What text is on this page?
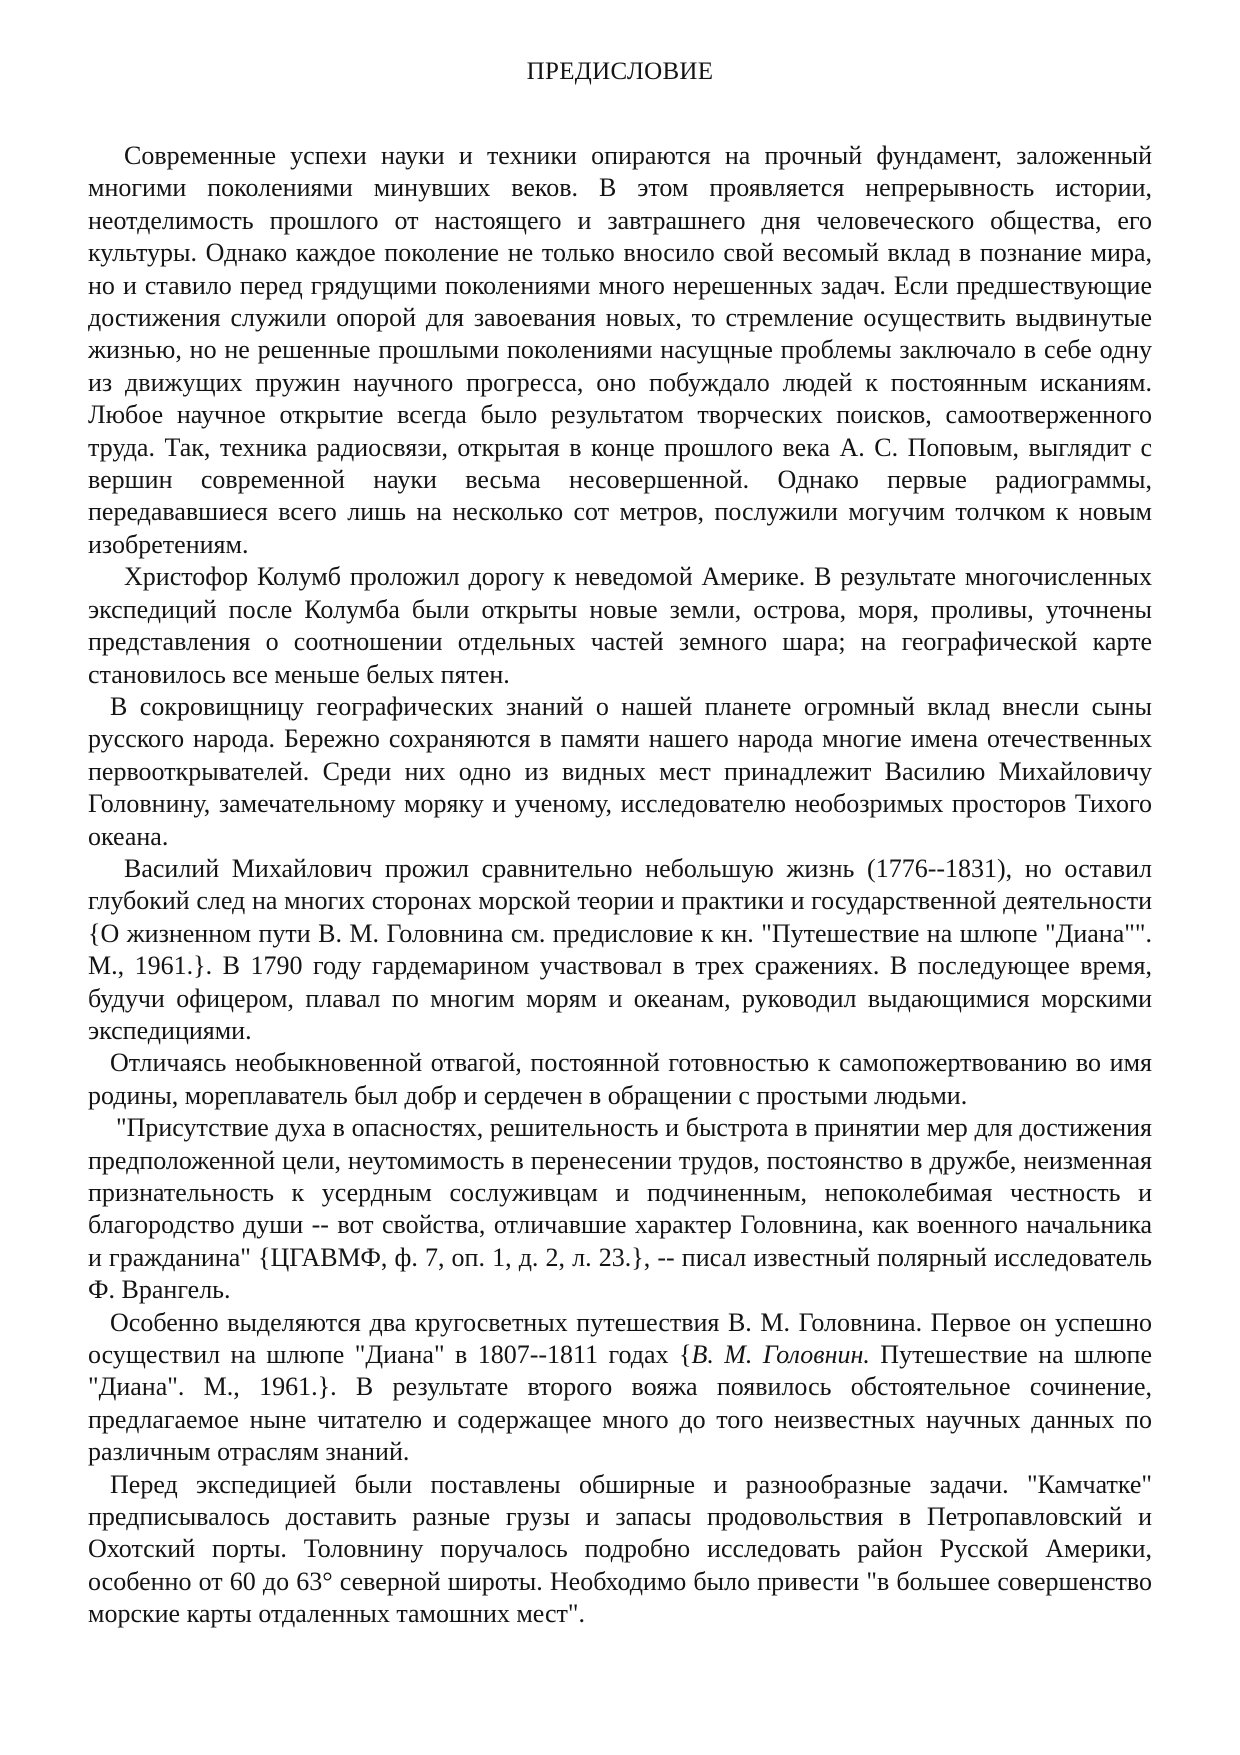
ПРЕДИСЛОВИЕ

Современные успехи науки и техники опираются на прочный фундамент, заложенный многими поколениями минувших веков. В этом проявляется непрерывность истории, неотделимость прошлого от настоящего и завтрашнего дня человеческого общества, его культуры. Однако каждое поколение не только вносило свой весомый вклад в познание мира, но и ставило перед грядущими поколениями много нерешенных задач. Если предшествующие достижения служили опорой для завоевания новых, то стремление осуществить выдвинутые жизнью, но не решенные прошлыми поколениями насущные проблемы заключало в себе одну из движущих пружин научного прогресса, оно побуждало людей к постоянным исканиям. Любое научное открытие всегда было результатом творческих поисков, самоотверженного труда. Так, техника радиосвязи, открытая в конце прошлого века А. С. Поповым, выглядит с вершин современной науки весьма несовершенной. Однако первые радиограммы, передававшиеся всего лишь на несколько сот метров, послужили могучим толчком к новым изобретениям.

Христофор Колумб проложил дорогу к неведомой Америке. В результате многочисленных экспедиций после Колумба были открыты новые земли, острова, моря, проливы, уточнены представления о соотношении отдельных частей земного шара; на географической карте становилось все меньше белых пятен.

В сокровищницу географических знаний о нашей планете огромный вклад внесли сыны русского народа. Бережно сохраняются в памяти нашего народа многие имена отечественных первооткрывателей. Среди них одно из видных мест принадлежит Василию Михайловичу Головнину, замечательному моряку и ученому, исследователю необозримых просторов Тихого океана.

Василий Михайлович прожил сравнительно небольшую жизнь (1776--1831), но оставил глубокий след на многих сторонах морской теории и практики и государственной деятельности {О жизненном пути В. М. Головнина см. предисловие к кн. "Путешествие на шлюпе "Диана"". М., 1961.}. В 1790 году гардемарином участвовал в трех сражениях. В последующее время, будучи офицером, плавал по многим морям и океанам, руководил выдающимися морскими экспедициями.

Отличаясь необыкновенной отвагой, постоянной готовностью к самопожертвованию во имя родины, мореплаватель был добр и сердечен в обращении с простыми людьми.

"Присутствие духа в опасностях, решительность и быстрота в принятии мер для достижения предположенной цели, неутомимость в перенесении трудов, постоянство в дружбе, неизменная признательность к усердным сослуживцам и подчиненным, непоколебимая честность и благородство души -- вот свойства, отличавшие характер Головнина, как военного начальника и гражданина" {ЦГАВМФ, ф. 7, оп. 1, д. 2, л. 23.}, -- писал известный полярный исследователь Ф. Врангель.

Особенно выделяются два кругосветных путешествия В. М. Головнина. Первое он успешно осуществил на шлюпе "Диана" в 1807--1811 годах {В. М. Головнин. Путешествие на шлюпе "Диана". М., 1961.}. В результате второго вояжа появилось обстоятельное сочинение, предлагаемое ныне читателю и содержащее много до того неизвестных научных данных по различным отраслям знаний.

Перед экспедицией были поставлены обширные и разнообразные задачи. "Камчатке" предписывалось доставить разные грузы и запасы продовольствия в Петропавловский и Охотский порты. Толовнину поручалось подробно исследовать район Русской Америки, особенно от 60 до 63° северной широты. Необходимо было привести "в большее совершенство морские карты отдаленных тамошних мест".
